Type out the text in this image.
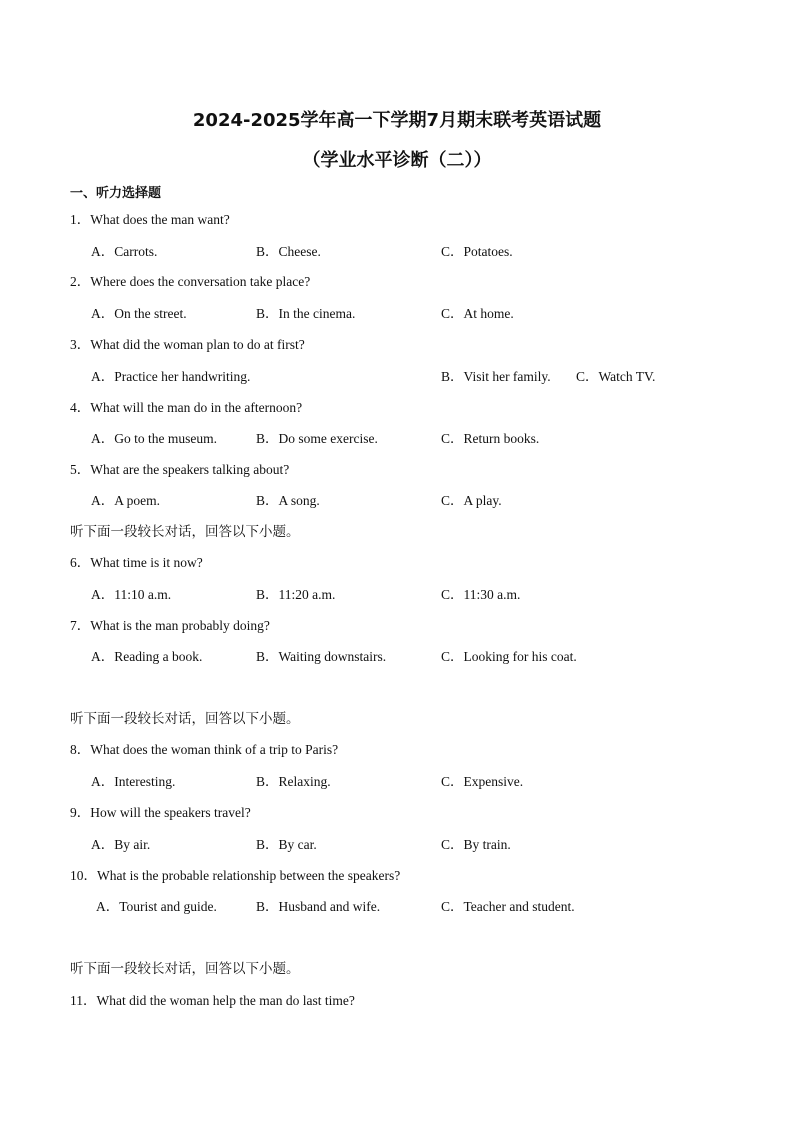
2024-2025学年高一下学期7月期末联考英语试题
（学业水平诊断（二））
一、听力选择题
1．What does the man want?
A．Carrots.	B．Cheese.	C．Potatoes.
2．Where does the conversation take place?
A．On the street.	B．In the cinema.	C．At home.
3．What did the woman plan to do at first?
A．Practice her handwriting.	B．Visit her family. C．Watch TV.
4．What will the man do in the afternoon?
A．Go to the museum.	B．Do some exercise.	C．Return books.
5．What are the speakers talking about?
A．A poem.	B．A song.	C．A play.
听下面一段较长对话，回答以下小题。
6．What time is it now?
A．11:10 a.m.	B．11:20 a.m.	C．11:30 a.m.
7．What is the man probably doing?
A．Reading a book.	B．Waiting downstairs.	C．Looking for his coat.
听下面一段较长对话，回答以下小题。
8．What does the woman think of a trip to Paris?
A．Interesting.	B．Relaxing.	C．Expensive.
9．How will the speakers travel?
A．By air.	B．By car.	C．By train.
10．What is the probable relationship between the speakers?
A．Tourist and guide.	B．Husband and wife.	C．Teacher and student.
听下面一段较长对话，回答以下小题。
11．What did the woman help the man do last time?
